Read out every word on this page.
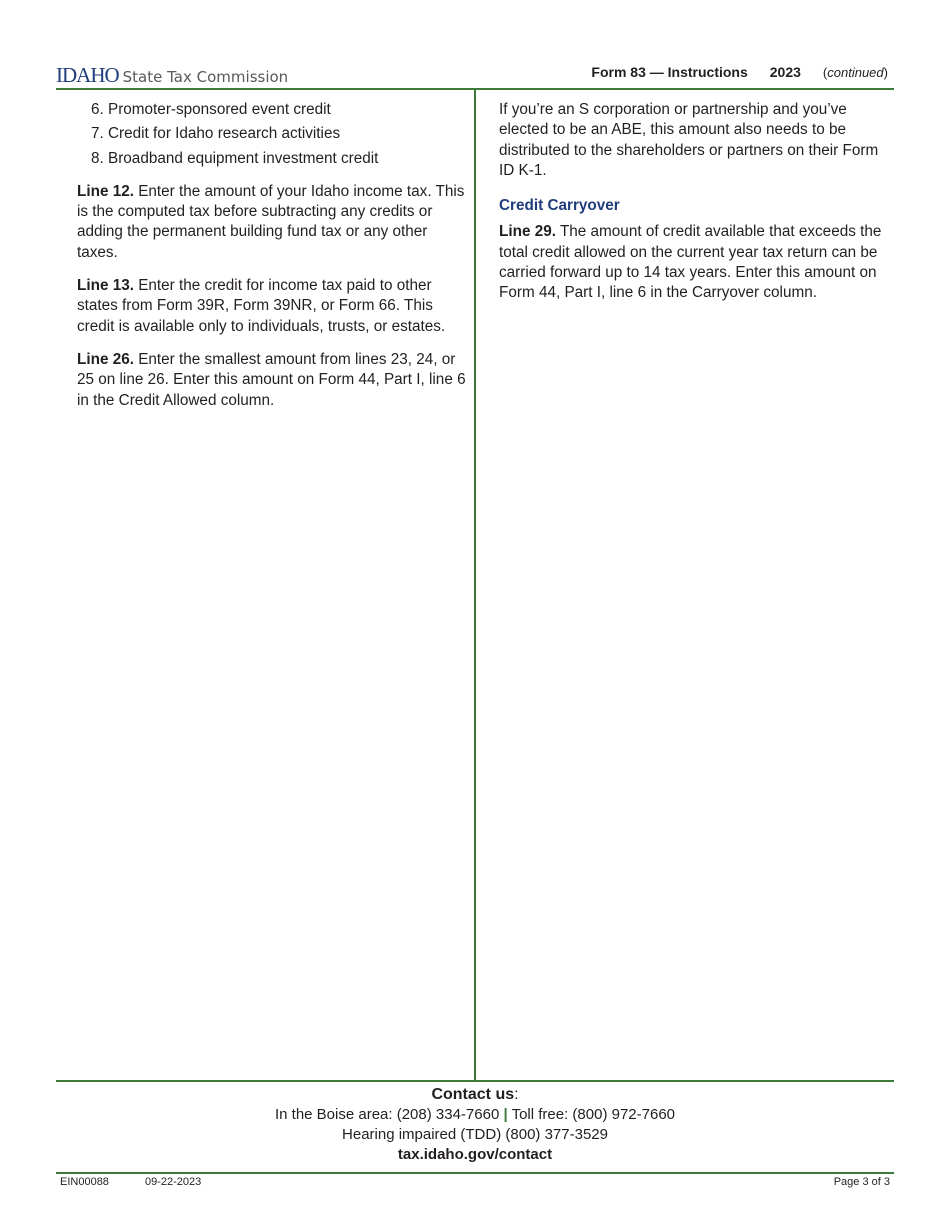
IDAHO State Tax Commission	Form 83 — Instructions 2023 (continued)
6. Promoter-sponsored event credit
7. Credit for Idaho research activities
8. Broadband equipment investment credit
Line 12. Enter the amount of your Idaho income tax. This is the computed tax before subtracting any credits or adding the permanent building fund tax or any other taxes.
Line 13. Enter the credit for income tax paid to other states from Form 39R, Form 39NR, or Form 66. This credit is available only to individuals, trusts, or estates.
Line 26. Enter the smallest amount from lines 23, 24, or 25 on line 26. Enter this amount on Form 44, Part I, line 6 in the Credit Allowed column.
If you’re an S corporation or partnership and you’ve elected to be an ABE, this amount also needs to be distributed to the shareholders or partners on their Form ID K-1.
Credit Carryover
Line 29. The amount of credit available that exceeds the total credit allowed on the current year tax return can be carried forward up to 14 tax years. Enter this amount on Form 44, Part I, line 6 in the Carryover column.
Contact us:
In the Boise area: (208) 334-7660 | Toll free: (800) 972-7660
Hearing impaired (TDD) (800) 377-3529
tax.idaho.gov/contact
EIN00088	09-22-2023	Page 3 of 3
